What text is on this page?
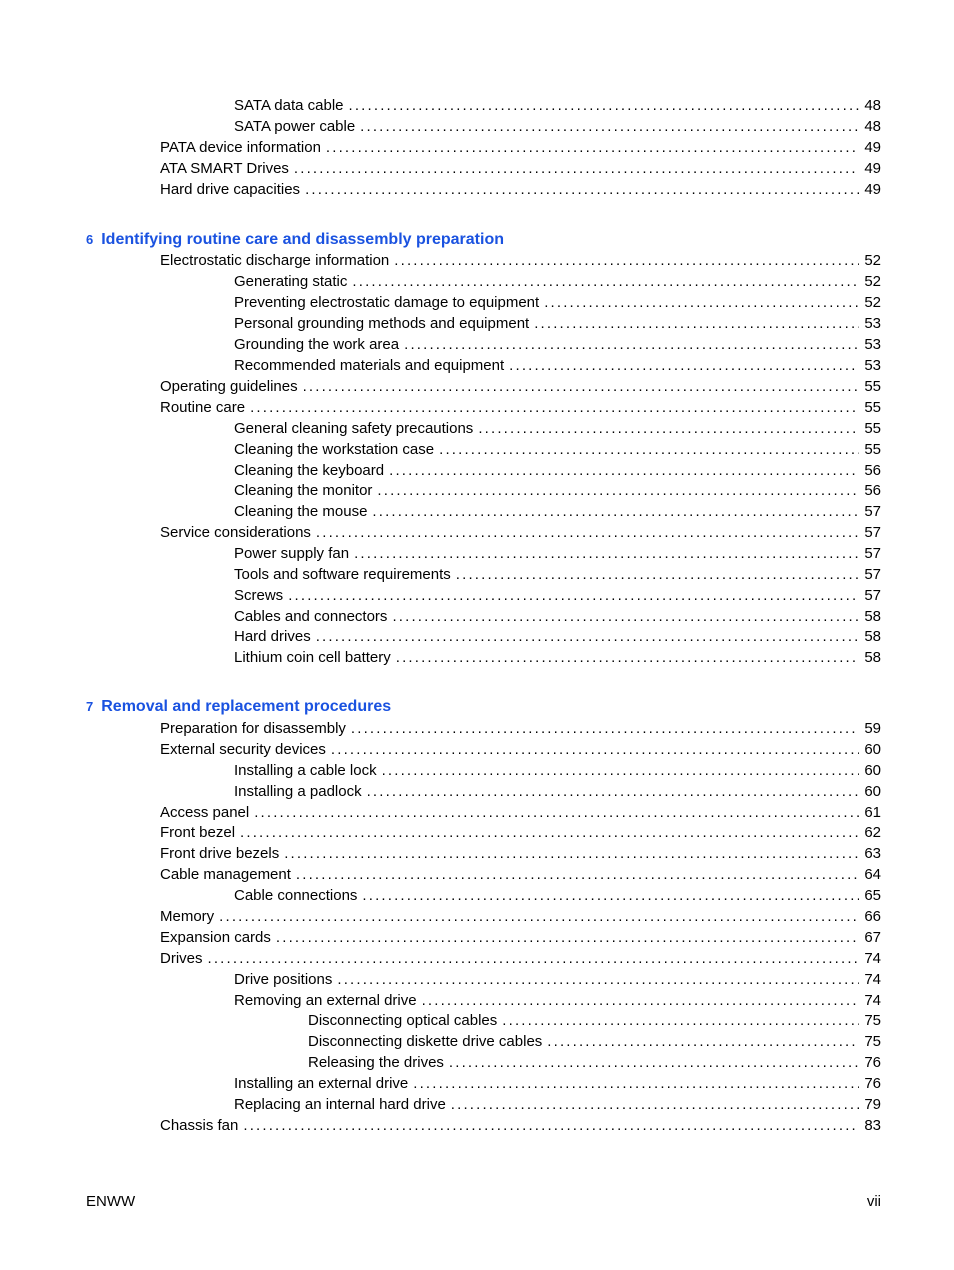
SATA data cable . . .	48
SATA power cable . . .	48
PATA device information . . .	49
ATA SMART Drives . . .	49
Hard drive capacities . . .	49
6 Identifying routine care and disassembly preparation
Electrostatic discharge information . . .	52
Generating static . . .	52
Preventing electrostatic damage to equipment . . .	52
Personal grounding methods and equipment . . .	53
Grounding the work area . . .	53
Recommended materials and equipment . . .	53
Operating guidelines . . .	55
Routine care . . .	55
General cleaning safety precautions . . .	55
Cleaning the workstation case . . .	55
Cleaning the keyboard . . .	56
Cleaning the monitor . . .	56
Cleaning the mouse . . .	57
Service considerations . . .	57
Power supply fan . . .	57
Tools and software requirements . . .	57
Screws . . .	57
Cables and connectors . . .	58
Hard drives . . .	58
Lithium coin cell battery . . .	58
7 Removal and replacement procedures
Preparation for disassembly . . .	59
External security devices . . .	60
Installing a cable lock . . .	60
Installing a padlock . . .	60
Access panel . . .	61
Front bezel . . .	62
Front drive bezels . . .	63
Cable management . . .	64
Cable connections . . .	65
Memory . . .	66
Expansion cards . . .	67
Drives . . .	74
Drive positions . . .	74
Removing an external drive . . .	74
Disconnecting optical cables . . .	75
Disconnecting diskette drive cables . . .	75
Releasing the drives . . .	76
Installing an external drive . . .	76
Replacing an internal hard drive . . .	79
Chassis fan . . .	83
ENWW	vii
